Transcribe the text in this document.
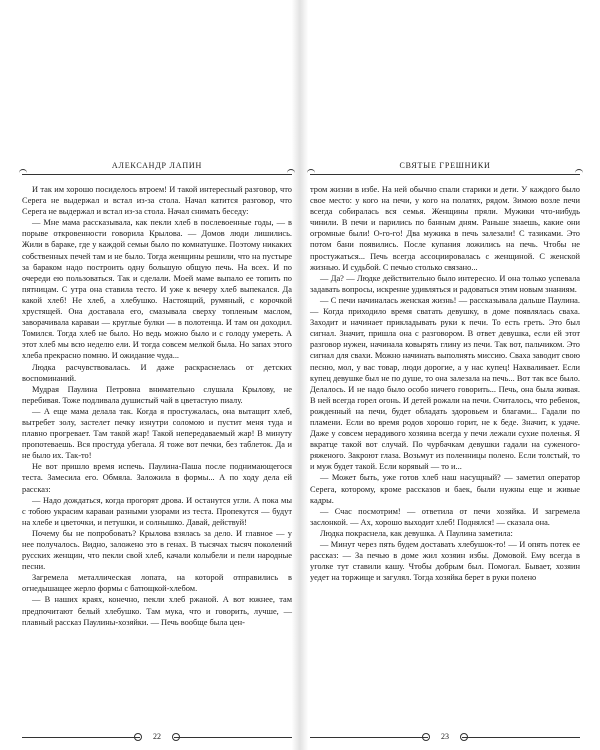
АЛЕКСАНДР ЛАПИН

И так им хорошо посиделось втроем! И такой интересный разговор, что Серега не выдержал и встал из-за стола. Начал катится разговор, что Серега не выдержал и встал из-за стола. Начал снимать беседу:

— Мне мама рассказывала, как пекли хлеб в послевоенные годы, — в порыве откровенности говорила Крылова. — Домов люди лишились. Жили в бараке, где у каждой семьи было по комнатушке. Поэтому никаких собственных печей там и не было. Тогда женщины решили, что на пустыре за бараком надо построить одну большую общую печь. На всех. И по очереди ею пользоваться. Так и сделали. Моей маме выпало ее топить по пятницам. С утра она ставила тесто. И уже к вечеру хлеб выпекался. Да какой хлеб! Не хлеб, а хлебушко. Настоящий, румяный, с корочкой хрустящей. Она доставала его, смазывала сверху топленым маслом, заворачивала караваи — круглые булки — в полотенца. И там он доходил. Томился. Тогда хлеб не было. Но ведь можно было и с голоду умереть. А этот хлеб мы всю неделю ели. И тогда совсем мелкой была. Но запах этого хлеба прекрасно помню. И ожидание чуда...

Людка расчувствовалась. И даже раскраснелась от детских воспоминаний.

Мудрая Паулина Петровна внимательно слушала Крылову, не перебивая. Тоже подливала душистый чай в цветастую пиалу.

— А еще мама делала так. Когда я простужалась, она вытащит хлеб, вытребет золу, застелет печку изнутри соломою и пустит меня туда и плавно прогревает. Там такой жар! Такой непередаваемый жар! В минуту пропотеваешь. Вся простуда убегала. Я тоже вот печки, без таблеток. Да и не было их. Так-то!

Не вот пришло время испечь. Паулина-Паша после поднимающегося теста. Замесила его. Обмяла. Заложила в формы... А по ходу дела ей рассказ:

— Надо дождаться, когда прогорят дрова. И останутся угли. А пока мы с тобою украсим караваи разными узорами из теста. Пропекутся — будут на хлебе и цветочки, и петушки, и солнышко. Давай, действуй!

Почему бы не попробовать? Крылова взялась за дело. И главное — у нее получалось. Видно, заложено это в генах. В тысячах тысяч поколений русских женщин, что пекли свой хлеб, качали колыбели и пели народные песни.

Загремела металлическая лопата, на которой отправились в огнедышащее жерло формы с батющкой-хлебом.

— В наших краях, конечно, пекли хлеб ржаной. А вот южнее, там предпочитают белый хлебушко. Там мука, что и говорить, лучше, — плавный рассказ Паулины-хозяйки. — Печь вообще была цен-

22
СВЯТЫЕ ГРЕШНИКИ

тром жизни в избе. На ней обычно спали старики и дети. У каждого было свое место: у кого на печи, у кого на полатях, рядом. Зимою возле печи всегда собиралась вся семья. Женщины пряли. Мужики что-нибудь чинили. В печи и парились по банным дням. Раньше знаешь, какие они огромные были! О-го-го! Два мужика в печь залезали! С тазиками. Это потом бани появились. После купания ложились на печь. Чтобы не простужаться... Печь всегда ассоциировалась с женщиной. С женской жизнью. И судьбой. С печью столько связано...

— Да? — Людке действительно было интересно. И она только успевала задавать вопросы, искренне удивляться и радоваться этим новым знаниям.

— С печи начиналась женская жизнь! — рассказывала дальше Паулина. — Когда приходило время сватать девушку, в доме появлялась сваха. Заходит и начинает прикладывать руки к печи. То есть греть. Это был сигнал. Значит, пришла она с разговором. В ответ девушка, если ей этот разговор нужен, начинала ковырять глину из печи. Так вот, пальчиком. Это сигнал для свахи. Можно начинать выполнять миссию. Сваха заводит свою песню, мол, у вас товар, люди дорогие, а у нас купец! Нахваливает. Если купец девушке был не по душе, то она залезала на печь... Вот так все было. Делалось. И не надо было особо ничего говорить... Печь, она была живая. В ней всегда горел огонь. И детей рожали на печи. Считалось, что ребенок, рожденный на печи, будет обладать здоровьем и благами... Гадали по пламени. Если во время родов хорошо горит, не к беде. Значит, к удаче. Даже у совсем нерадивого хозяина всегда у печи лежали сухие поленья. Я вкратце такой вот случай. По чурбачкам девушки гадали на суженого-ряженого. Закроют глаза. Возьмут из поленницы полено. Если толстый, то и муж будет такой. Если корявый — то и...

— Может быть, уже готов хлеб наш насущный? — заметил оператор Серега, которому, кроме рассказов и баек, были нужны еще и живые кадры.

— Счас посмотрим! — ответила от печи хозяйка. И загремела заслонкой. — Ах, хорошо выходит хлеб! Поднялся! — сказала она.

Людка покраснела, как девушка. А Паулина заметила:

— Минут через пять будем доставать хлебушок-то! — И опять потек ее рассказ: — За печью в доме жил хозяин избы. Домовой. Ему всегда в уголке тут ставили кашу. Чтобы добрым был. Помогал. Бывает, хозяин уедет на торжище и загулял. Тогда хозяйка берет в руки полено

23
